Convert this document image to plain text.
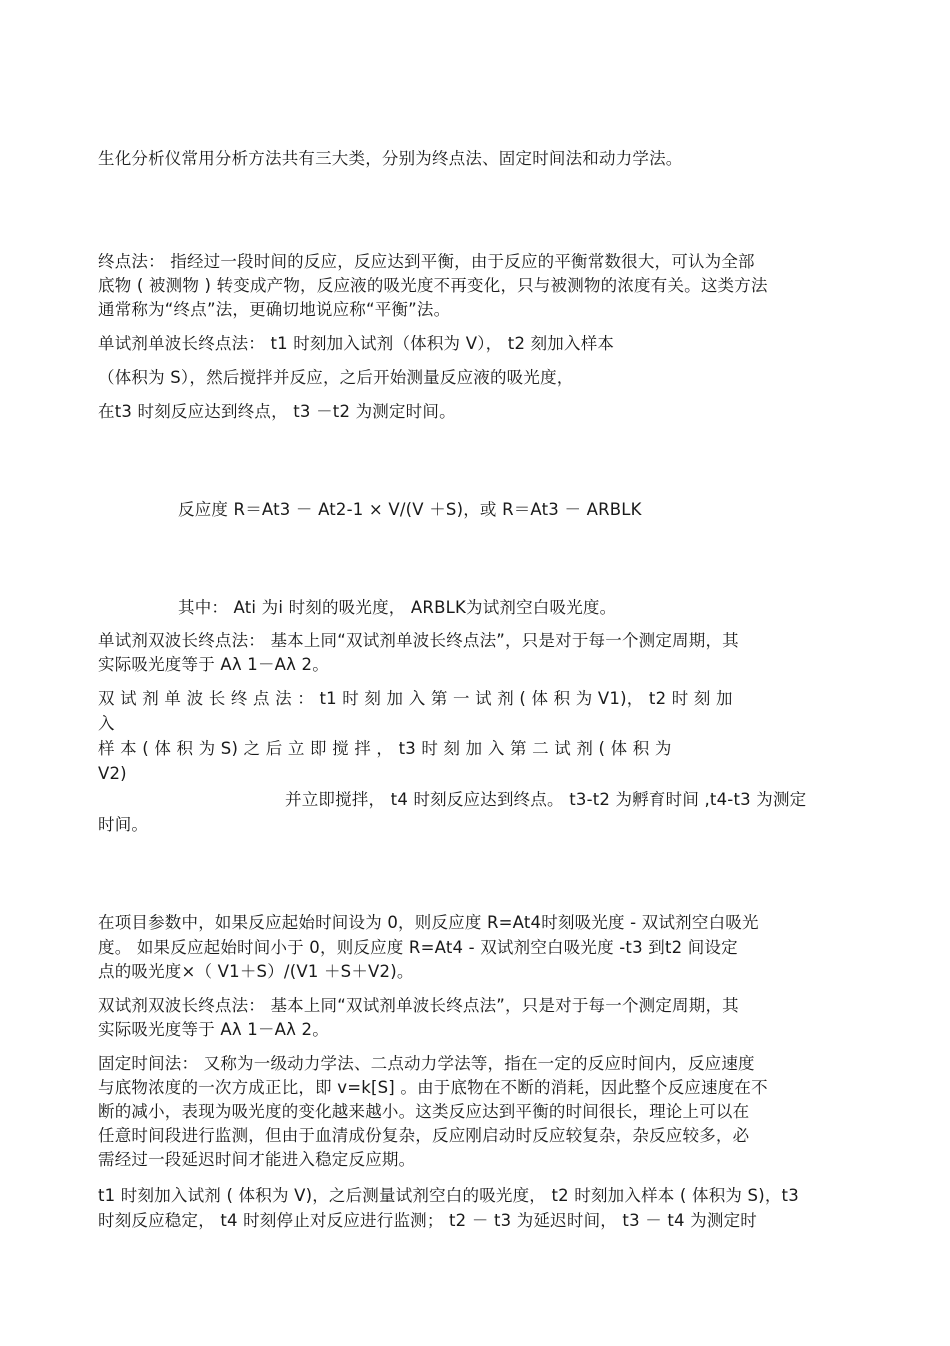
生化分析仪常用分析方法共有三大类，分别为终点法、固定时间法和动力学法。

终点法： 指经过一段时间的反应，反应达到平衡，由于反应的平衡常数很大，可认为全部

底物 ( 被测物 ) 转变成产物，反应液的吸光度不再变化，只与被测物的浓度有关。这类方法

通常称为“终点”法，更确切地说应称“平衡”法。

单试剂单波长终点法： t1 时刻加入试剂（体积为 V）， t2 刻加入样本

（体积为 S），然后搅拌并反应，之后开始测量反应液的吸光度，

在t3 时刻反应达到终点， t3 －t2 为测定时间。

反应度 R＝At3 － At2-1 × V/(V ＋S)，或 R＝At3 － ARBLK

其中： Ati 为i 时刻的吸光度， ARBLK为试剂空白吸光度。

单试剂双波长终点法： 基本上同“双试剂单波长终点法”，只是对于每一个测定周期，其

实际吸光度等于 Aλ 1－Aλ 2。

双 试 剂 单 波 长 终 点 法 ： t1 时 刻 加 入 第 一 试 剂 ( 体 积 为 V1)， t2 时 刻 加

入

样 本 ( 体 积 为 S) 之 后 立 即 搅 拌 ， t3 时 刻 加 入 第 二 试 剂 ( 体 积 为

V2)

并立即搅拌， t4 时刻反应达到终点。 t3-t2 为孵育时间 ,t4-t3 为测定

时间。

在项目参数中，如果反应起始时间设为 0，则反应度 R=At4时刻吸光度 - 双试剂空白吸光

度。 如果反应起始时间小于 0，则反应度 R=At4 - 双试剂空白吸光度 -t3 到t2 间设定

点的吸光度×（ V1＋S）/(V1 ＋S＋V2)。

双试剂双波长终点法： 基本上同“双试剂单波长终点法”，只是对于每一个测定周期，其

实际吸光度等于 Aλ 1－Aλ 2。

固定时间法： 又称为一级动力学法、二点动力学法等，指在一定的反应时间内，反应速度

与底物浓度的一次方成正比，即 v=k[S] 。由于底物在不断的消耗，因此整个反应速度在不

断的减小，表现为吸光度的变化越来越小。这类反应达到平衡的时间很长，理论上可以在

任意时间段进行监测，但由于血清成份复杂，反应刚启动时反应较复杂，杂反应较多，必

需经过一段延迟时间才能进入稳定反应期。

t1 时刻加入试剂 ( 体积为 V)，之后测量试剂空白的吸光度， t2 时刻加入样本 ( 体积为 S)，t3

时刻反应稳定， t4 时刻停止对反应进行监测； t2 － t3 为延迟时间， t3 － t4 为测定时
